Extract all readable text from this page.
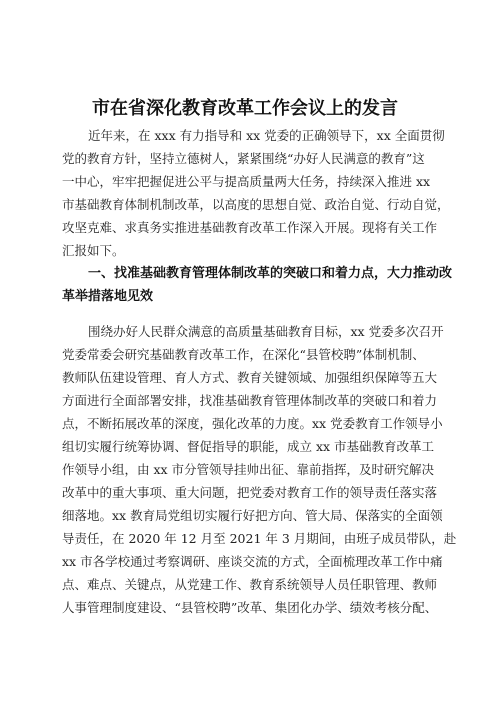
市在省深化教育改革工作会议上的发言
近年来，在 xxx 有力指导和 xx 党委的正确领导下，xx 全面贯彻
党的教育方针，坚持立德树人，紧紧围绕“办好人民满意的教育”这
一中心，牢牢把握促进公平与提高质量两大任务，持续深入推进 xx
市基础教育体制机制改革，以高度的思想自觉、政治自觉、行动自觉，
攻坚克难、求真务实推进基础教育改革工作深入开展。现将有关工作
汇报如下。
一、找准基础教育管理体制改革的突破口和着力点，大力推动改
革举措落地见效
围绕办好人民群众满意的高质量基础教育目标，xx 党委多次召开
党委常委会研究基础教育改革工作，在深化“县管校聘”体制机制、
教师队伍建设管理、育人方式、教育关键领域、加强组织保障等五大
方面进行全面部署安排，找准基础教育管理体制改革的突破口和着力
点，不断拓展改革的深度，强化改革的力度。xx 党委教育工作领导小
组切实履行统筹协调、督促指导的职能，成立 xx 市基础教育改革工
作领导小组，由 xx 市分管领导挂帅出征、靠前指挥，及时研究解决
改革中的重大事项、重大问题，把党委对教育工作的领导责任落实落
细落地。xx 教育局党组切实履行好把方向、管大局、保落实的全面领
导责任，在 2020 年 12 月至 2021 年 3 月期间，由班子成员带队，赴
xx 市各学校通过考察调研、座谈交流的方式，全面梳理改革工作中痛
点、难点、关键点，从党建工作、教育系统领导人员任职管理、教师
人事管理制度建设、“县管校聘”改革、集团化办学、绩效考核分配、
